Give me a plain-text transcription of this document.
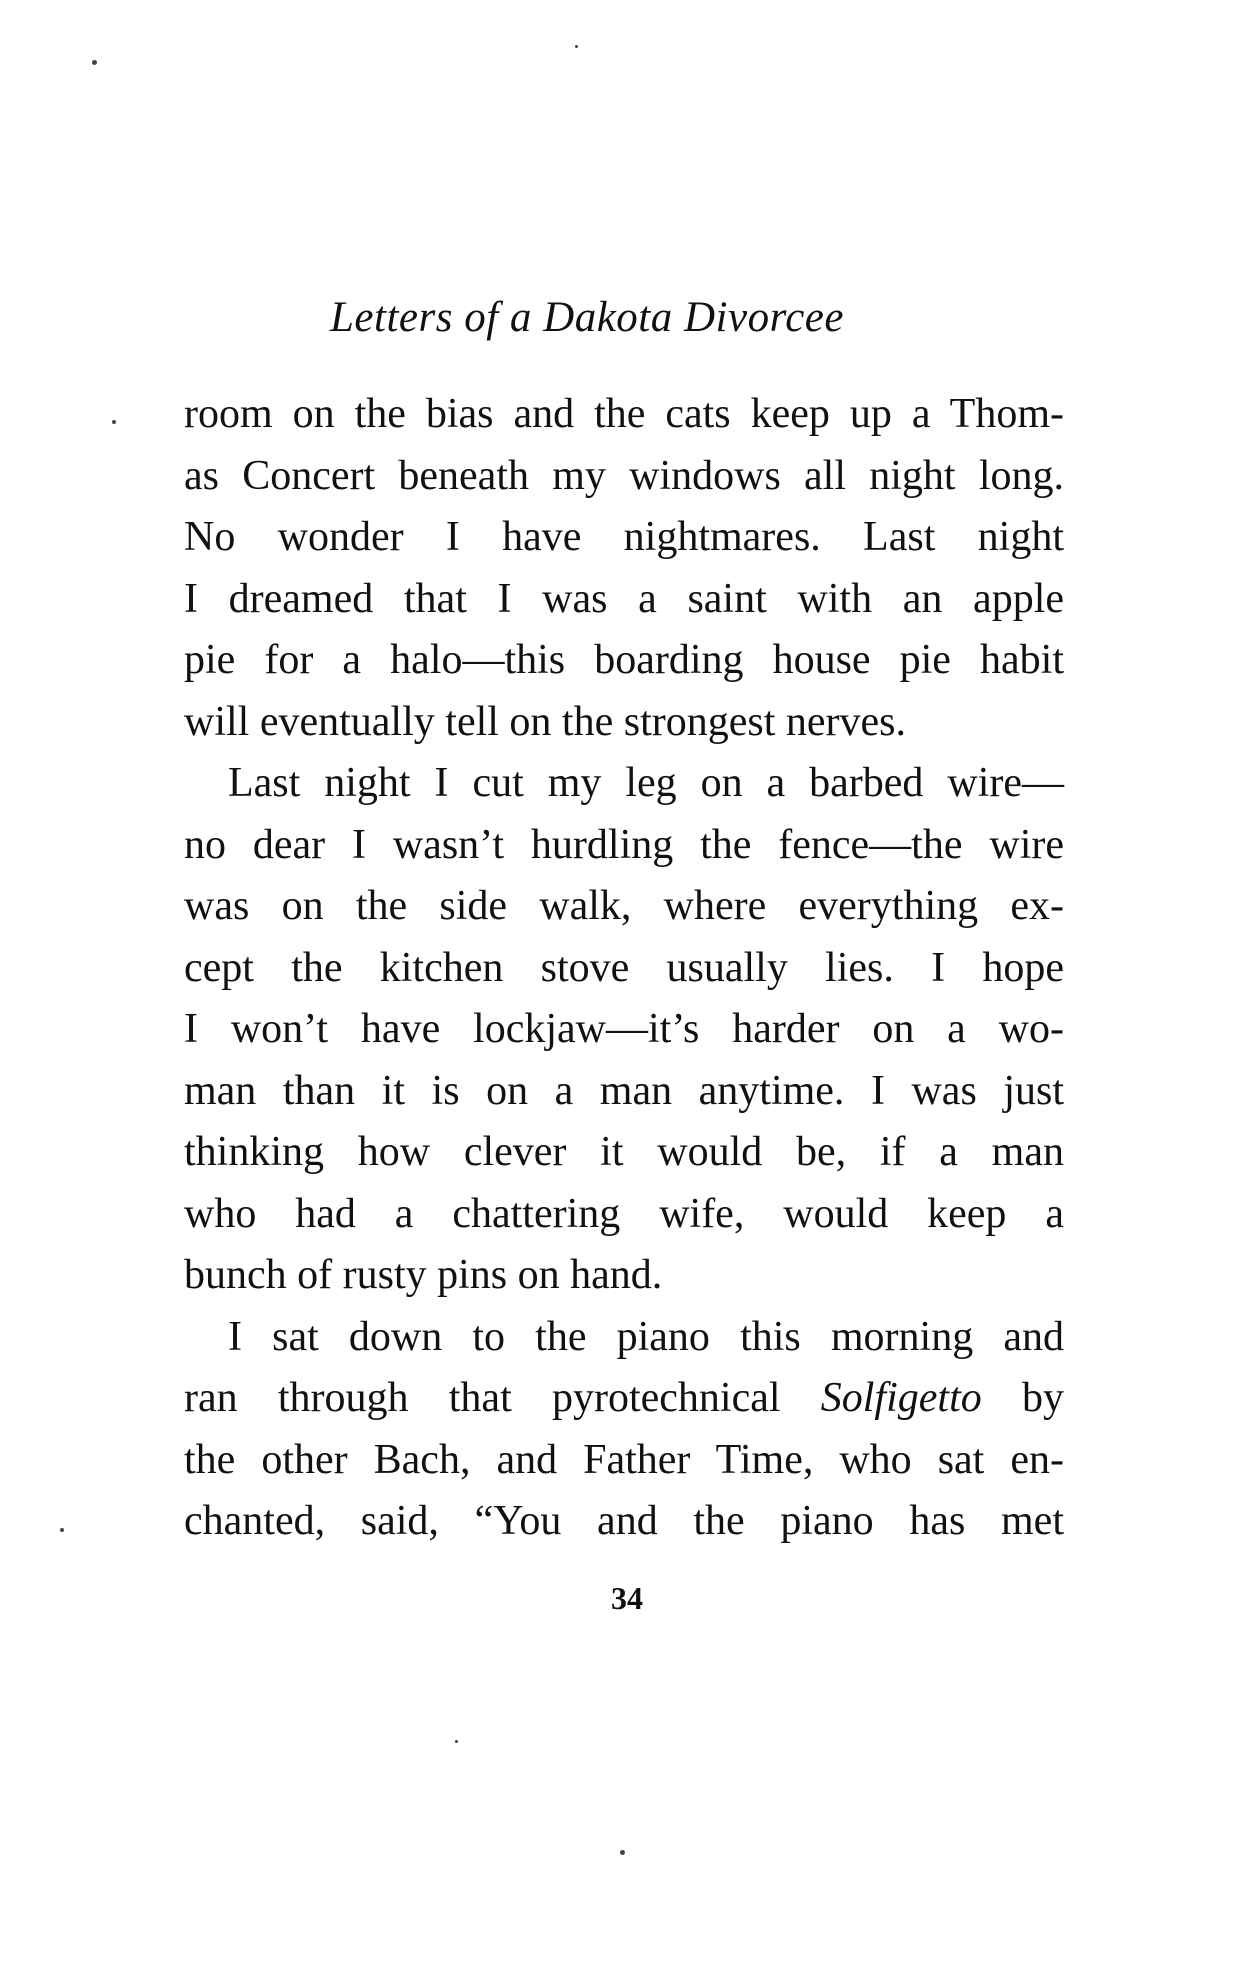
Letters of a Dakota Divorcee
room on the bias and the cats keep up a Thom-
as Concert beneath my windows all night long.
No wonder I have nightmares. Last night
I dreamed that I was a saint with an apple
pie for a halo—this boarding house pie habit
will eventually tell on the strongest nerves.
Last night I cut my leg on a barbed wire—
no dear I wasn’t hurdling the fence—the wire
was on the side walk, where everything ex-
cept the kitchen stove usually lies. I hope
I won’t have lockjaw—it’s harder on a wo-
man than it is on a man anytime. I was just
thinking how clever it would be, if a man
who had a chattering wife, would keep a
bunch of rusty pins on hand.
I sat down to the piano this morning and
ran through that pyrotechnical Solfigetto by
the other Bach, and Father Time, who sat en-
chanted, said, “You and the piano has met
34
